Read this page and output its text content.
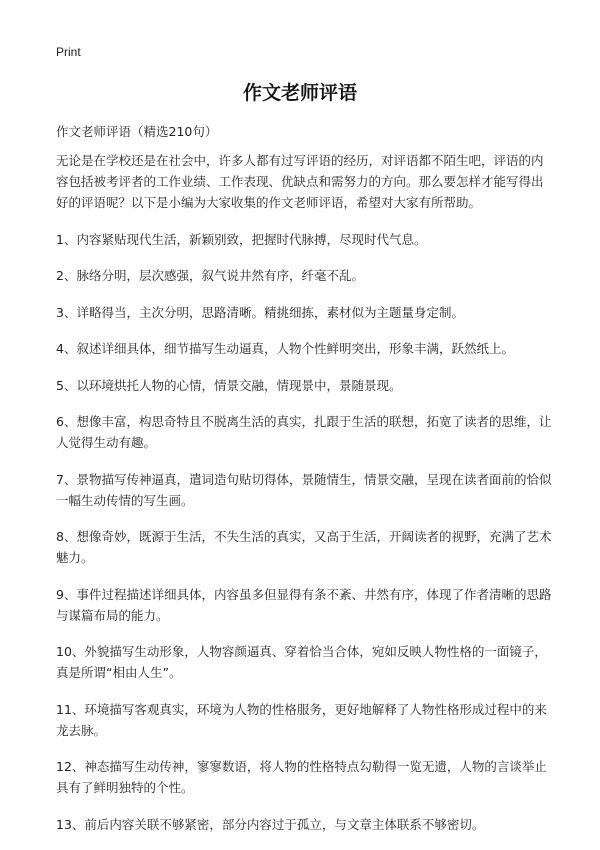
Print
作文老师评语

作文老师评语（精选210句）

无论是在学校还是在社会中，许多人都有过写评语的经历，对评语都不陌生吧，评语的内容包括被考评者的工作业绩、工作表现、优缺点和需努力的方向。那么要怎样才能写得出好的评语呢？以下是小编为大家收集的作文老师评语，希望对大家有所帮助。

1、内容紧贴现代生活，新颖别致，把握时代脉搏，尽现时代气息。

2、脉络分明，层次感强，叙气说井然有序，纤毫不乱。

3、详略得当，主次分明，思路清晰。精挑细拣，素材似为主题量身定制。

4、叙述详细具体，细节描写生动逼真，人物个性鲜明突出，形象丰满，跃然纸上。

5、以环境烘托人物的心情，情景交融，情现景中，景随景现。

6、想像丰富，构思奇特且不脱离生活的真实，扎跟于生活的联想，拓宽了读者的思维，让人觉得生动有趣。

7、景物描写传神逼真，遣词造句贴切得体，景随情生，情景交融，呈现在读者面前的恰似一幅生动传情的写生画。

8、想像奇妙，既源于生活，不失生活的真实，又高于生活，开阔读者的视野，充满了艺术魅力。

9、事件过程描述详细具体，内容虽多但显得有条不紊、井然有序，体现了作者清晰的思路与谋篇布局的能力。

10、外貌描写生动形象，人物容颜逼真、穿着恰当合体，宛如反映人物性格的一面镜子，真是所谓“相由人生”。

11、环境描写客观真实，环境为人物的性格服务，更好地解释了人物性格形成过程中的来龙去脉。

12、神态描写生动传神，寥寥数语，将人物的性格特点勾勒得一览无遗，人物的言谈举止具有了鲜明独特的个性。

13、前后内容关联不够紧密，部分内容过于孤立，与文章主体联系不够密切。
